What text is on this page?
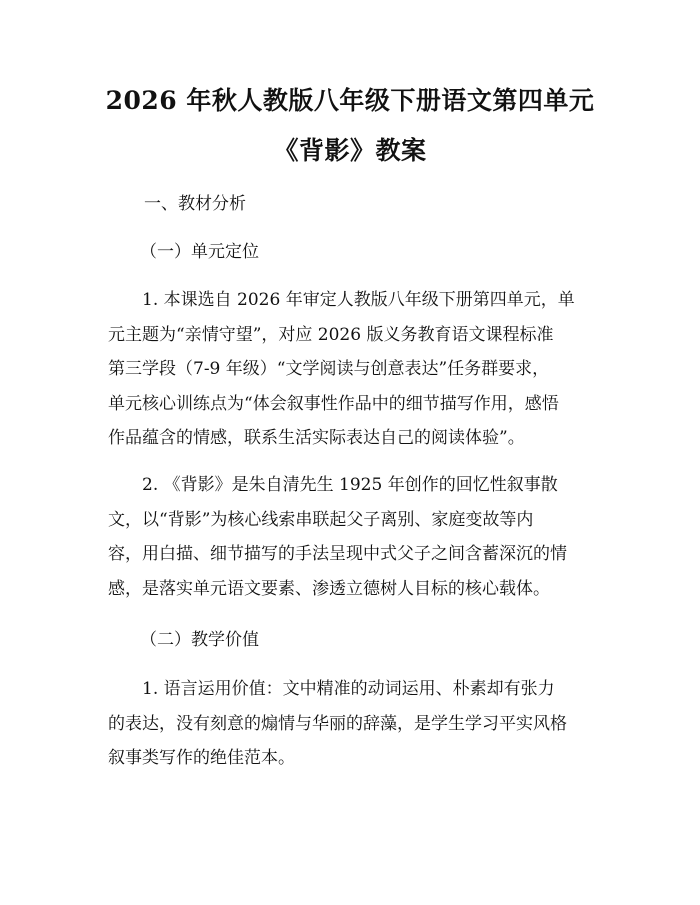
2026 年秋人教版八年级下册语文第四单元
《背影》教案
一、教材分析
（一）单元定位
1. 本课选自 2026 年审定人教版八年级下册第四单元，单
元主题为“亲情守望”，对应 2026 版义务教育语文课程标准
第三学段（7-9 年级）“文学阅读与创意表达”任务群要求，
单元核心训练点为“体会叙事性作品中的细节描写作用，感悟
作品蕴含的情感，联系生活实际表达自己的阅读体验”。
2. 《背影》是朱自清先生 1925 年创作的回忆性叙事散
文，以“背影”为核心线索串联起父子离别、家庭变故等内
容，用白描、细节描写的手法呈现中式父子之间含蓄深沉的情
感，是落实单元语文要素、渗透立德树人目标的核心载体。
（二）教学价值
1. 语言运用价值：文中精准的动词运用、朴素却有张力
的表达，没有刻意的煽情与华丽的辞藻，是学生学习平实风格
叙事类写作的绝佳范本。
